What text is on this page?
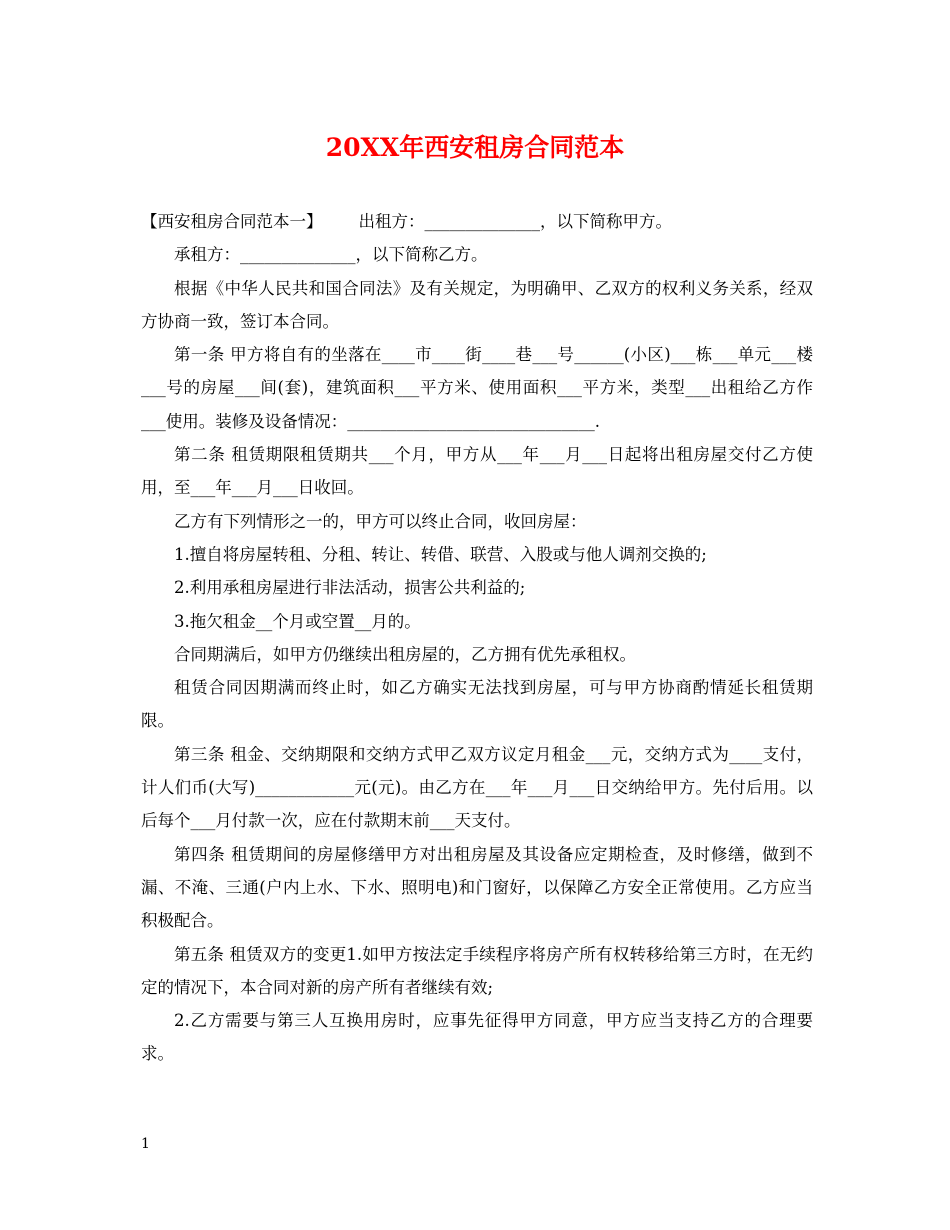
20XX年西安租房合同范本

【西安租房合同范本一】 出租方：______________，以下简称甲方。

承租方：______________，以下简称乙方。

根据《中华人民共和国合同法》及有关规定，为明确甲、乙双方的权利义务关系，经双方协商一致，签订本合同。

第一条 甲方将自有的坐落在____市____街____巷___号______(小区)___栋___单元___楼___号的房屋___间(套)，建筑面积___平方米、使用面积___平方米，类型___出租给乙方作___使用。装修及设备情况：______________________________.

第二条 租赁期限租赁期共___个月，甲方从___年___月___日起将出租房屋交付乙方使用，至___年___月___日收回。

乙方有下列情形之一的，甲方可以终止合同，收回房屋：

1.擅自将房屋转租、分租、转让、转借、联营、入股或与他人调剂交换的;

2.利用承租房屋进行非法活动，损害公共利益的;

3.拖欠租金__个月或空置__月的。

合同期满后，如甲方仍继续出租房屋的，乙方拥有优先承租权。

租赁合同因期满而终止时，如乙方确实无法找到房屋，可与甲方协商酌情延长租赁期限。

第三条 租金、交纳期限和交纳方式甲乙双方议定月租金___元，交纳方式为____支付，计人们币(大写)____________元(元)。由乙方在___年___月___日交纳给甲方。先付后用。以后每个___月付款一次，应在付款期末前___天支付。

第四条 租赁期间的房屋修缮甲方对出租房屋及其设备应定期检查，及时修缮，做到不漏、不淹、三通(户内上水、下水、照明电)和门窗好，以保障乙方安全正常使用。乙方应当积极配合。

第五条 租赁双方的变更1.如甲方按法定手续程序将房产所有权转移给第三方时，在无约定的情况下，本合同对新的房产所有者继续有效;

2.乙方需要与第三人互换用房时，应事先征得甲方同意，甲方应当支持乙方的合理要求。

1
